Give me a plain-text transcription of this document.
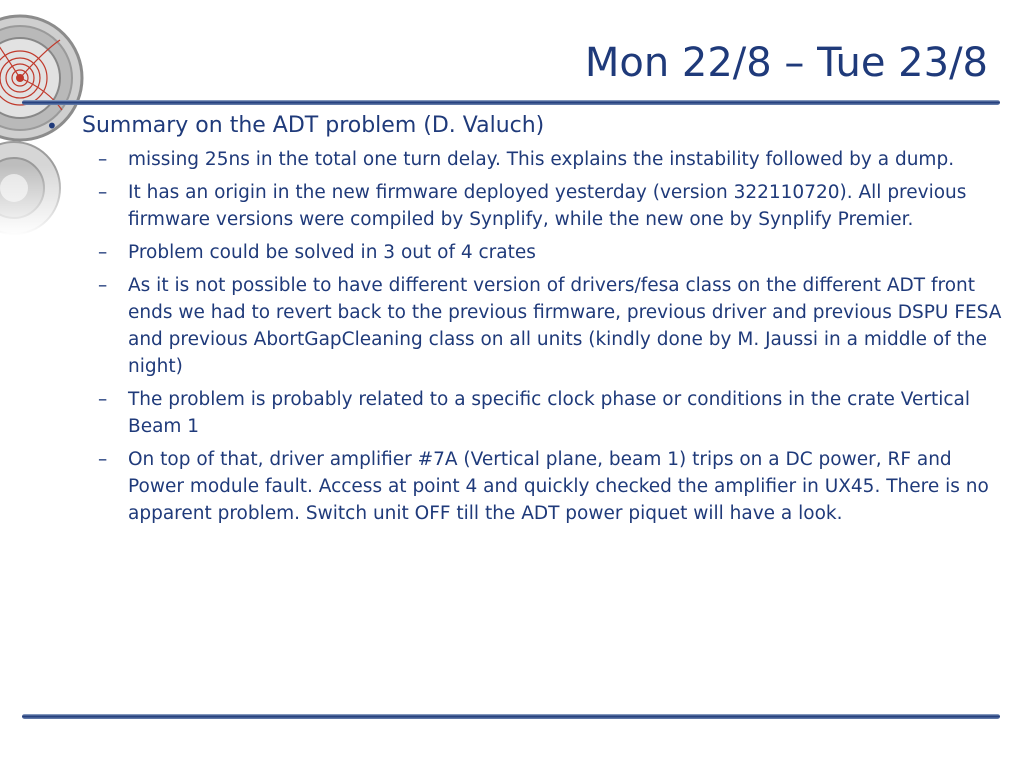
Mon 22/8 – Tue 23/8
• Summary on the ADT problem (D. Valuch)
– missing 25ns in the total one turn delay. This explains the instability followed by a dump.
– It has an origin in the new firmware deployed yesterday (version 322110720). All previous firmware versions were compiled by Synplify, while the new one by Synplify Premier.
– Problem could be solved in 3 out of 4 crates
– As it is not possible to have different version of drivers/fesa class on the different ADT front ends we had to revert back to the previous firmware, previous driver and previous DSPU FESA and previous AbortGapCleaning class on all units (kindly done by M. Jaussi in a middle of the night)
– The problem is probably related to a specific clock phase or conditions in the crate Vertical Beam 1
– On top of that, driver amplifier #7A (Vertical plane, beam 1) trips on a DC power, RF and Power module fault. Access at point 4 and quickly checked the amplifier in UX45. There is no apparent problem. Switch unit OFF till the ADT power piquet will have a look.
